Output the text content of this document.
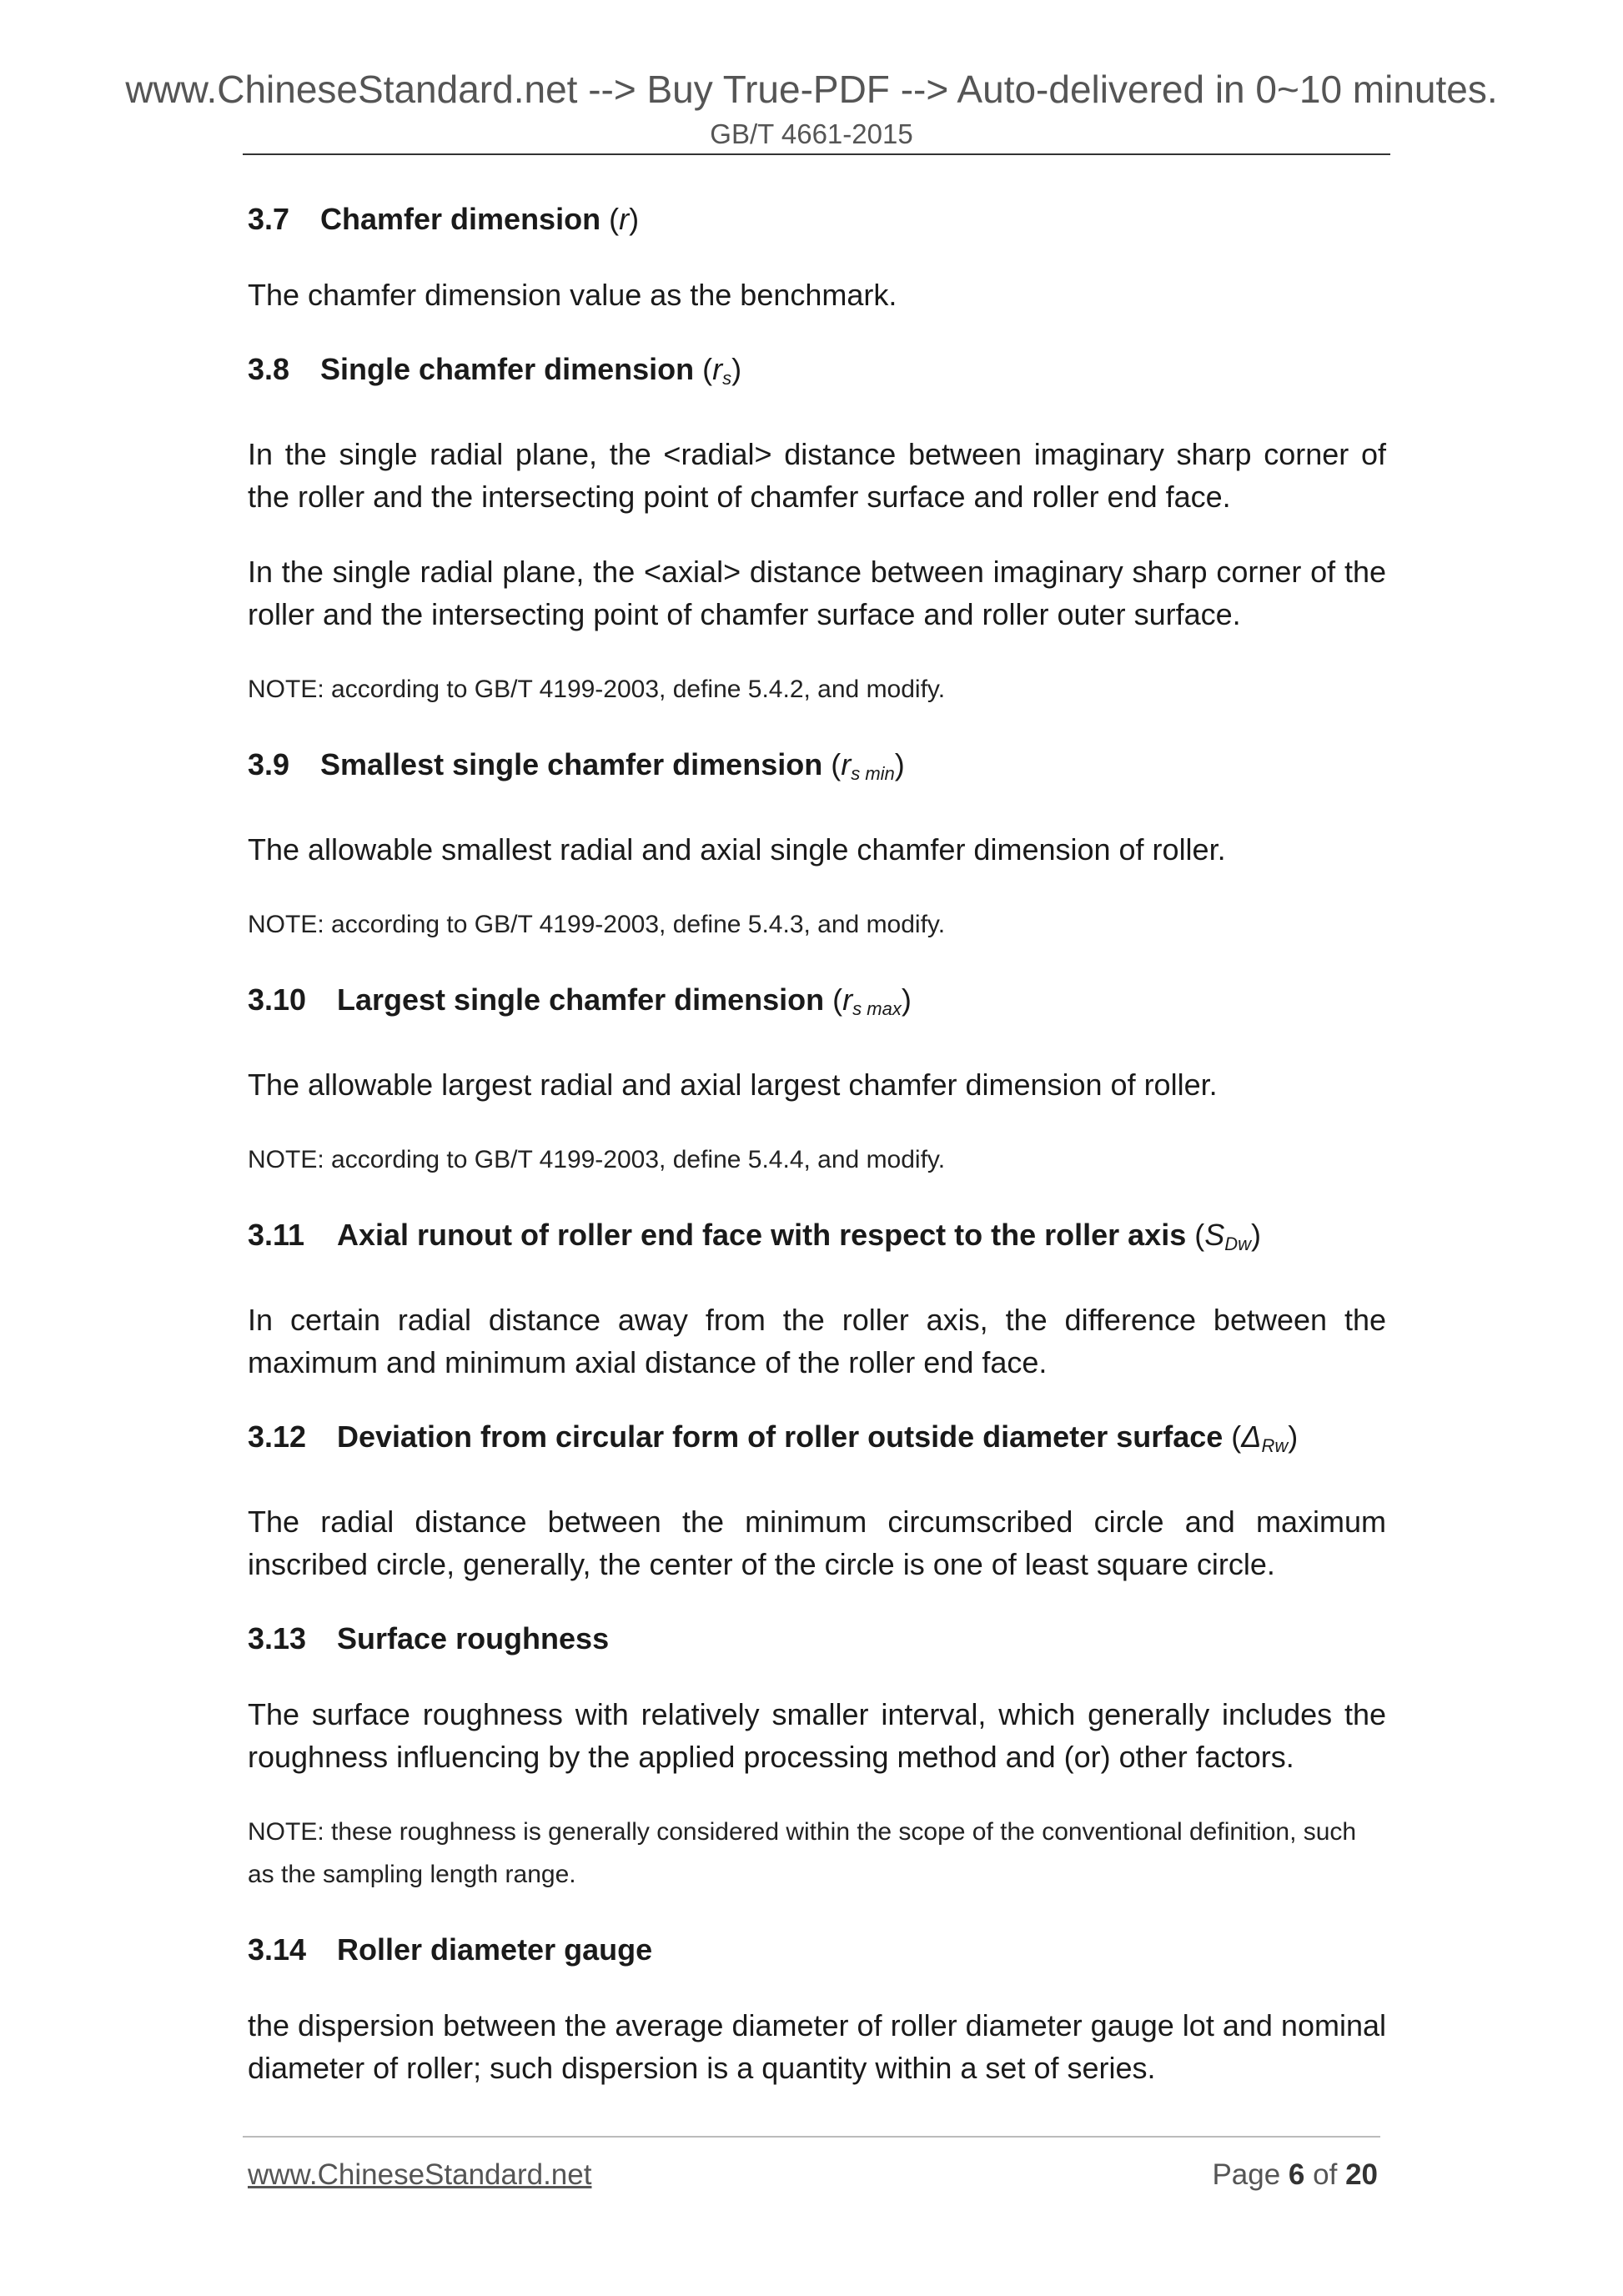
www.ChineseStandard.net --> Buy True-PDF --> Auto-delivered in 0~10 minutes.
GB/T 4661-2015
3.7 Chamfer dimension (r)

The chamfer dimension value as the benchmark.

3.8 Single chamfer dimension $(r_s)$

In the single radial plane, the <radial> distance between imaginary sharp corner of the roller and the intersecting point of chamfer surface and roller end face.

In the single radial plane, the <axial> distance between imaginary sharp corner of the roller and the intersecting point of chamfer surface and roller outer surface.

NOTE: according to GB/T 4199-2003, define 5.4.2, and modify.

3.9 Smallest single chamfer dimension $(r_{s min})$

The allowable smallest radial and axial single chamfer dimension of roller.

NOTE: according to GB/T 4199-2003, define 5.4.3, and modify.

3.10 Largest single chamfer dimension $(r_{s max})$

The allowable largest radial and axial largest chamfer dimension of roller.

NOTE: according to GB/T 4199-2003, define 5.4.4, and modify.

3.11 Axial runout of roller end face with respect to the roller axis $(S_{Dw})$

In certain radial distance away from the roller axis, the difference between the maximum and minimum axial distance of the roller end face.

3.12 Deviation from circular form of roller outside diameter surface $(\Delta_{Rw})$

The radial distance between the minimum circumscribed circle and maximum inscribed circle, generally, the center of the circle is one of least square circle.

3.13 Surface roughness

The surface roughness with relatively smaller interval, which generally includes the roughness influencing by the applied processing method and (or) other factors.

NOTE: these roughness is generally considered within the scope of the conventional definition, such as the sampling length range.

3.14 Roller diameter gauge

the dispersion between the average diameter of roller diameter gauge lot and nominal diameter of roller; such dispersion is a quantity within a set of series.

www.ChineseStandard.net	Page 6 of 20
